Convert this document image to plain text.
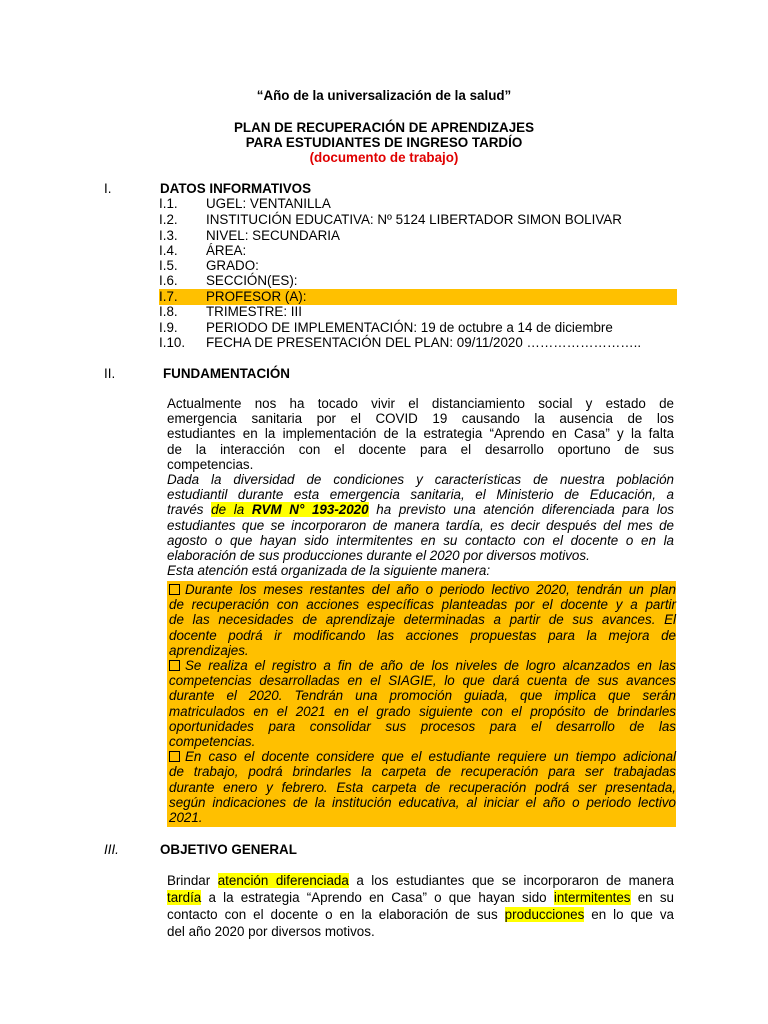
“Año de la universalización de la salud”
PLAN DE RECUPERACIÓN DE APRENDIZAJES
PARA ESTUDIANTES DE INGRESO TARDÍO
(documento de trabajo)
I.	DATOS INFORMATIVOS
I.1. UGEL: VENTANILLA
I.2. INSTITUCIÓN EDUCATIVA: Nº 5124 LIBERTADOR SIMON BOLIVAR
I.3. NIVEL: SECUNDARIA
I.4. ÁREA:
I.5. GRADO:
I.6. SECCIÓN(ES):
I.7. PROFESOR (A):
I.8. TRIMESTRE: III
I.9. PERIODO DE IMPLEMENTACIÓN: 19 de octubre a 14 de diciembre
I.10. FECHA DE PRESENTACIÓN DEL PLAN: 09/11/2020 ……………………..
II.	FUNDAMENTACIÓN
Actualmente nos ha tocado vivir el distanciamiento social y estado de
emergencia sanitaria por el COVID 19 causando la ausencia de los
estudiantes en la implementación de la estrategia “Aprendo en Casa” y la falta
de la interacción con el docente para el desarrollo oportuno de sus
competencias.
Dada la diversidad de condiciones y características de nuestra población
estudiantil durante esta emergencia sanitaria, el Ministerio de Educación, a
través de la RVM N° 193-2020 ha previsto una atención diferenciada para los
estudiantes que se incorporaron de manera tardía, es decir después del mes de
agosto o que hayan sido intermitentes en su contacto con el docente o en la
elaboración de sus producciones durante el 2020 por diversos motivos.
Esta atención está organizada de la siguiente manera:
Durante los meses restantes del año o periodo lectivo 2020, tendrán un plan
de recuperación con acciones específicas planteadas por el docente y a partir
de las necesidades de aprendizaje determinadas a partir de sus avances. El
docente podrá ir modificando las acciones propuestas para la mejora de
aprendizajes.
Se realiza el registro a fin de año de los niveles de logro alcanzados en las
competencias desarrolladas en el SIAGIE, lo que dará cuenta de sus avances
durante el 2020. Tendrán una promoción guiada, que implica que serán
matriculados en el 2021 en el grado siguiente con el propósito de brindarles
oportunidades para consolidar sus procesos para el desarrollo de las
competencias.
En caso el docente considere que el estudiante requiere un tiempo adicional
de trabajo, podrá brindarles la carpeta de recuperación para ser trabajadas
durante enero y febrero. Esta carpeta de recuperación podrá ser presentada,
según indicaciones de la institución educativa, al iniciar el año o periodo lectivo
2021.
III.	OBJETIVO GENERAL
Brindar atención diferenciada a los estudiantes que se incorporaron de manera
tardía a la estrategia “Aprendo en Casa” o que hayan sido intermitentes en su
contacto con el docente o en la elaboración de sus producciones en lo que va
del año 2020 por diversos motivos.
